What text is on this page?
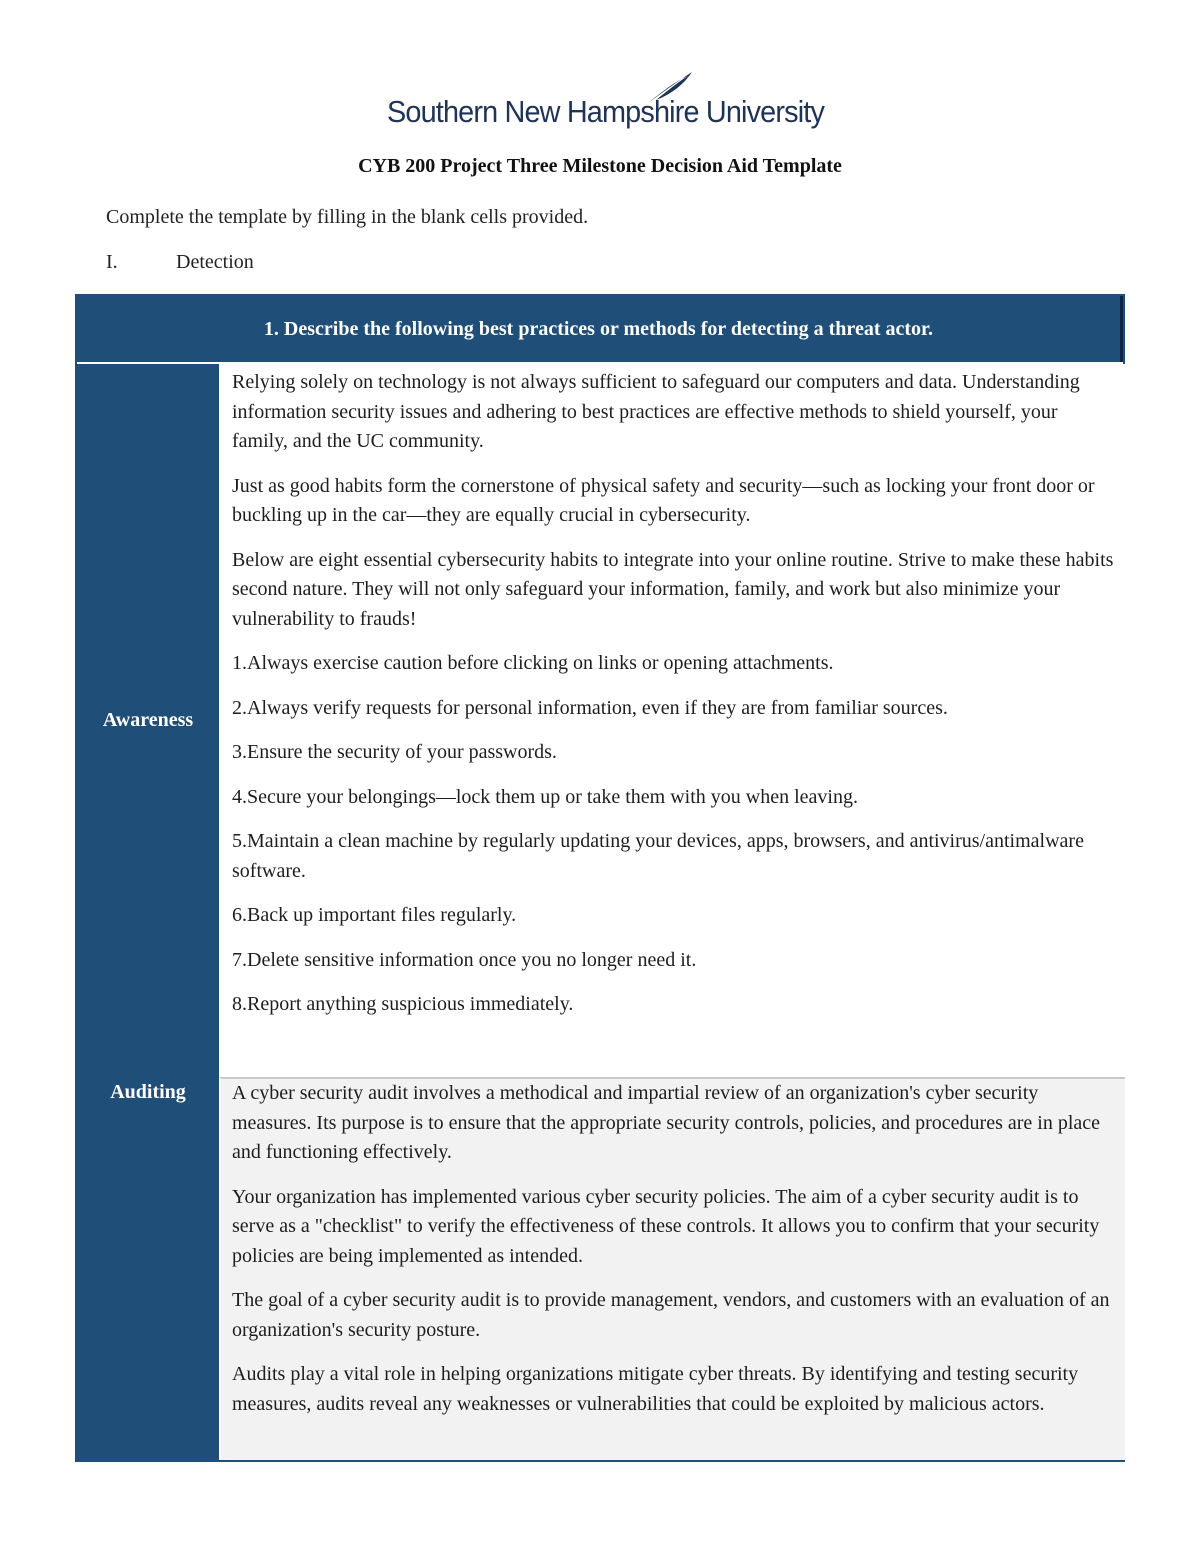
Southern New Hampshire University
CYB 200 Project Three Milestone Decision Aid Template
Complete the template by filling in the blank cells provided.
I.	Detection
1. Describe the following best practices or methods for detecting a threat actor.
Awareness

Relying solely on technology is not always sufficient to safeguard our computers and data. Understanding information security issues and adhering to best practices are effective methods to shield yourself, your family, and the UC community.

Just as good habits form the cornerstone of physical safety and security—such as locking your front door or buckling up in the car—they are equally crucial in cybersecurity.

Below are eight essential cybersecurity habits to integrate into your online routine. Strive to make these habits second nature. They will not only safeguard your information, family, and work but also minimize your vulnerability to frauds!

1.Always exercise caution before clicking on links or opening attachments.

2.Always verify requests for personal information, even if they are from familiar sources.

3.Ensure the security of your passwords.

4.Secure your belongings—lock them up or take them with you when leaving.

5.Maintain a clean machine by regularly updating your devices, apps, browsers, and antivirus/antimalware software.

6.Back up important files regularly.

7.Delete sensitive information once you no longer need it.

8.Report anything suspicious immediately.

Auditing	A cyber security audit involves a methodical and impartial review of an organization's cyber security measures. Its purpose is to ensure that the appropriate security controls, policies, and procedures are in place and functioning effectively.

Your organization has implemented various cyber security policies. The aim of a cyber security audit is to serve as a "checklist" to verify the effectiveness of these controls. It allows you to confirm that your security policies are being implemented as intended.

The goal of a cyber security audit is to provide management, vendors, and customers with an evaluation of an organization's security posture.

Audits play a vital role in helping organizations mitigate cyber threats. By identifying and testing security measures, audits reveal any weaknesses or vulnerabilities that could be exploited by malicious actors.
